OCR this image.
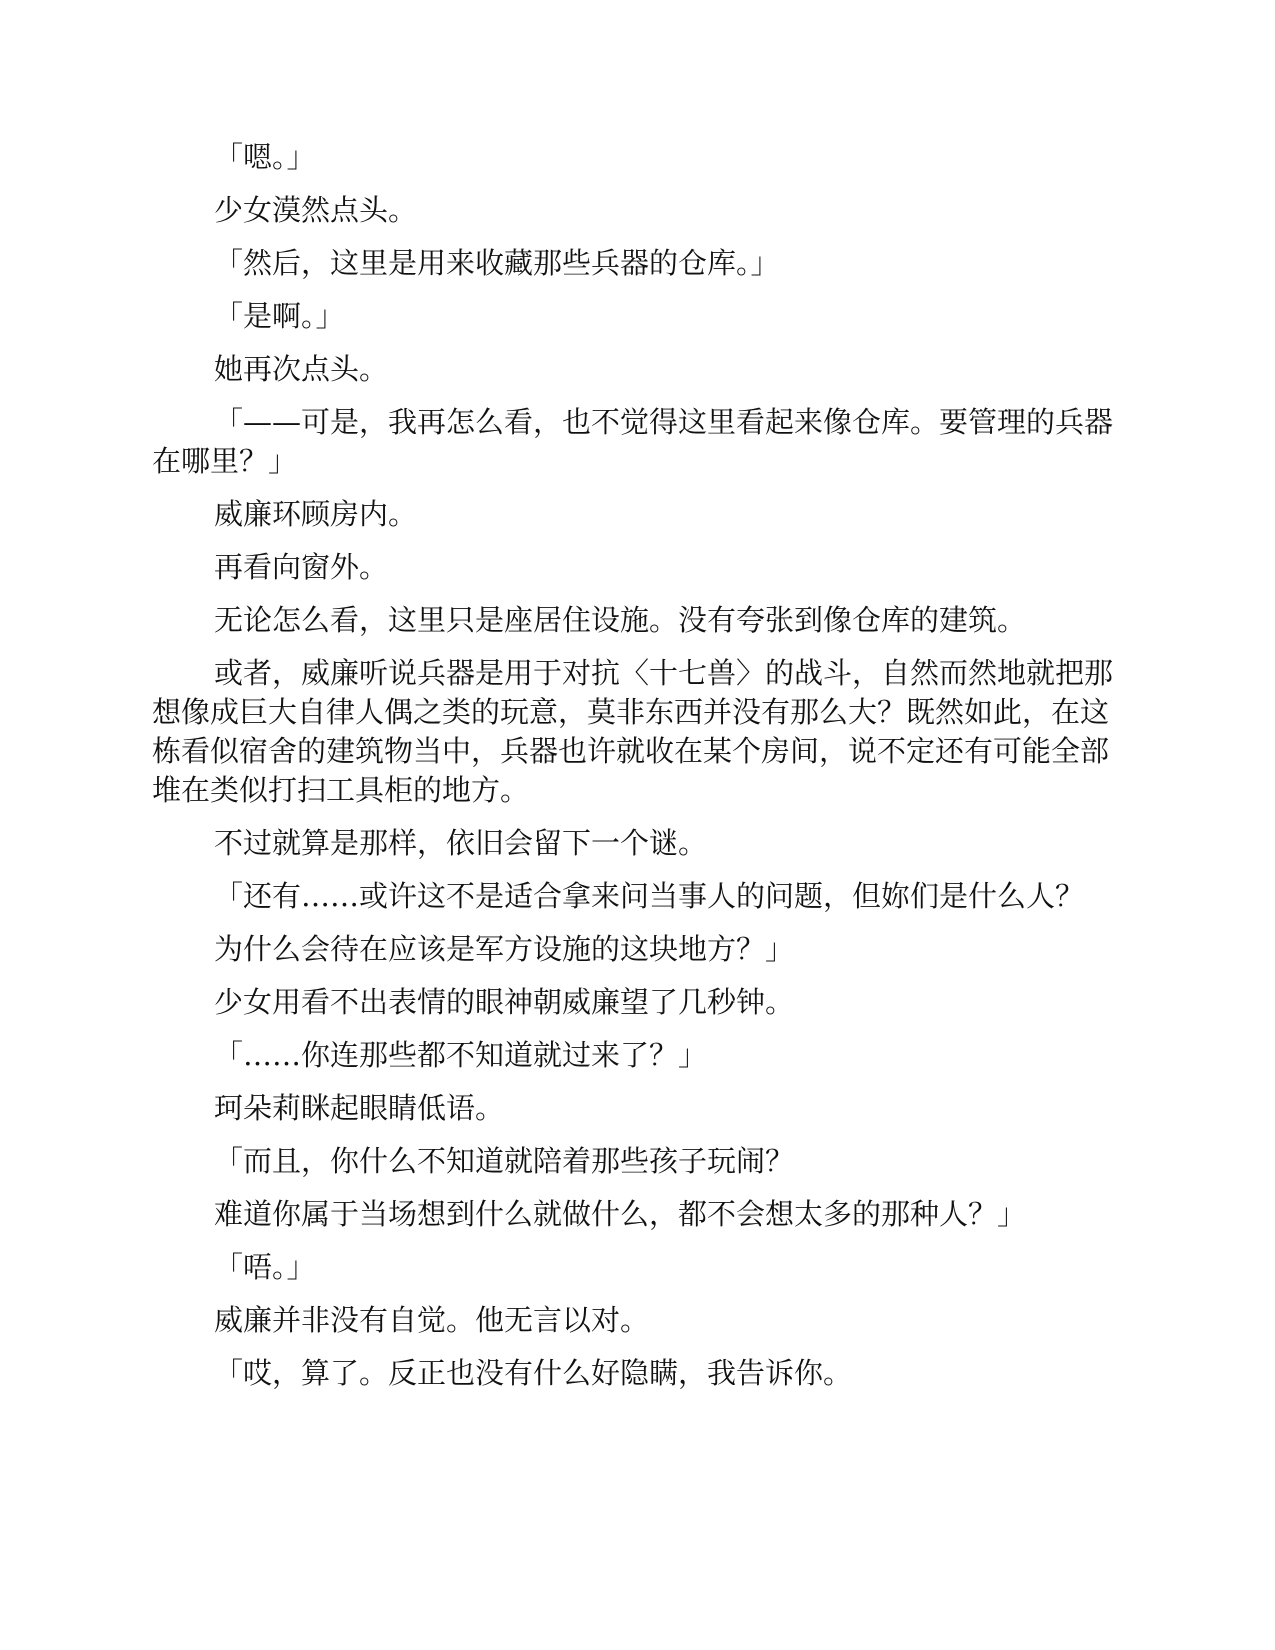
「嗯。」

少女漠然点头。

「然后，这里是用来收藏那些兵器的仓库。」

「是啊。」

她再次点头。

「——可是，我再怎么看，也不觉得这里看起来像仓库。要管理的兵器在哪里？」

威廉环顾房内。

再看向窗外。

无论怎么看，这里只是座居住设施。没有夸张到像仓库的建筑。

或者，威廉听说兵器是用于对抗〈十七兽〉的战斗，自然而然地就把那想像成巨大自律人偶之类的玩意，莫非东西并没有那么大？既然如此，在这栋看似宿舍的建筑物当中，兵器也许就收在某个房间，说不定还有可能全部堆在类似打扫工具柜的地方。

不过就算是那样，依旧会留下一个谜。

「还有……或许这不是适合拿来问当事人的问题，但妳们是什么人？

为什么会待在应该是军方设施的这块地方？」

少女用看不出表情的眼神朝威廉望了几秒钟。

「……你连那些都不知道就过来了？」

珂朵莉眯起眼睛低语。

「而且，你什么不知道就陪着那些孩子玩闹？

难道你属于当场想到什么就做什么，都不会想太多的那种人？」

「唔。」

威廉并非没有自觉。他无言以对。

「哎，算了。反正也没有什么好隐瞒，我告诉你。
